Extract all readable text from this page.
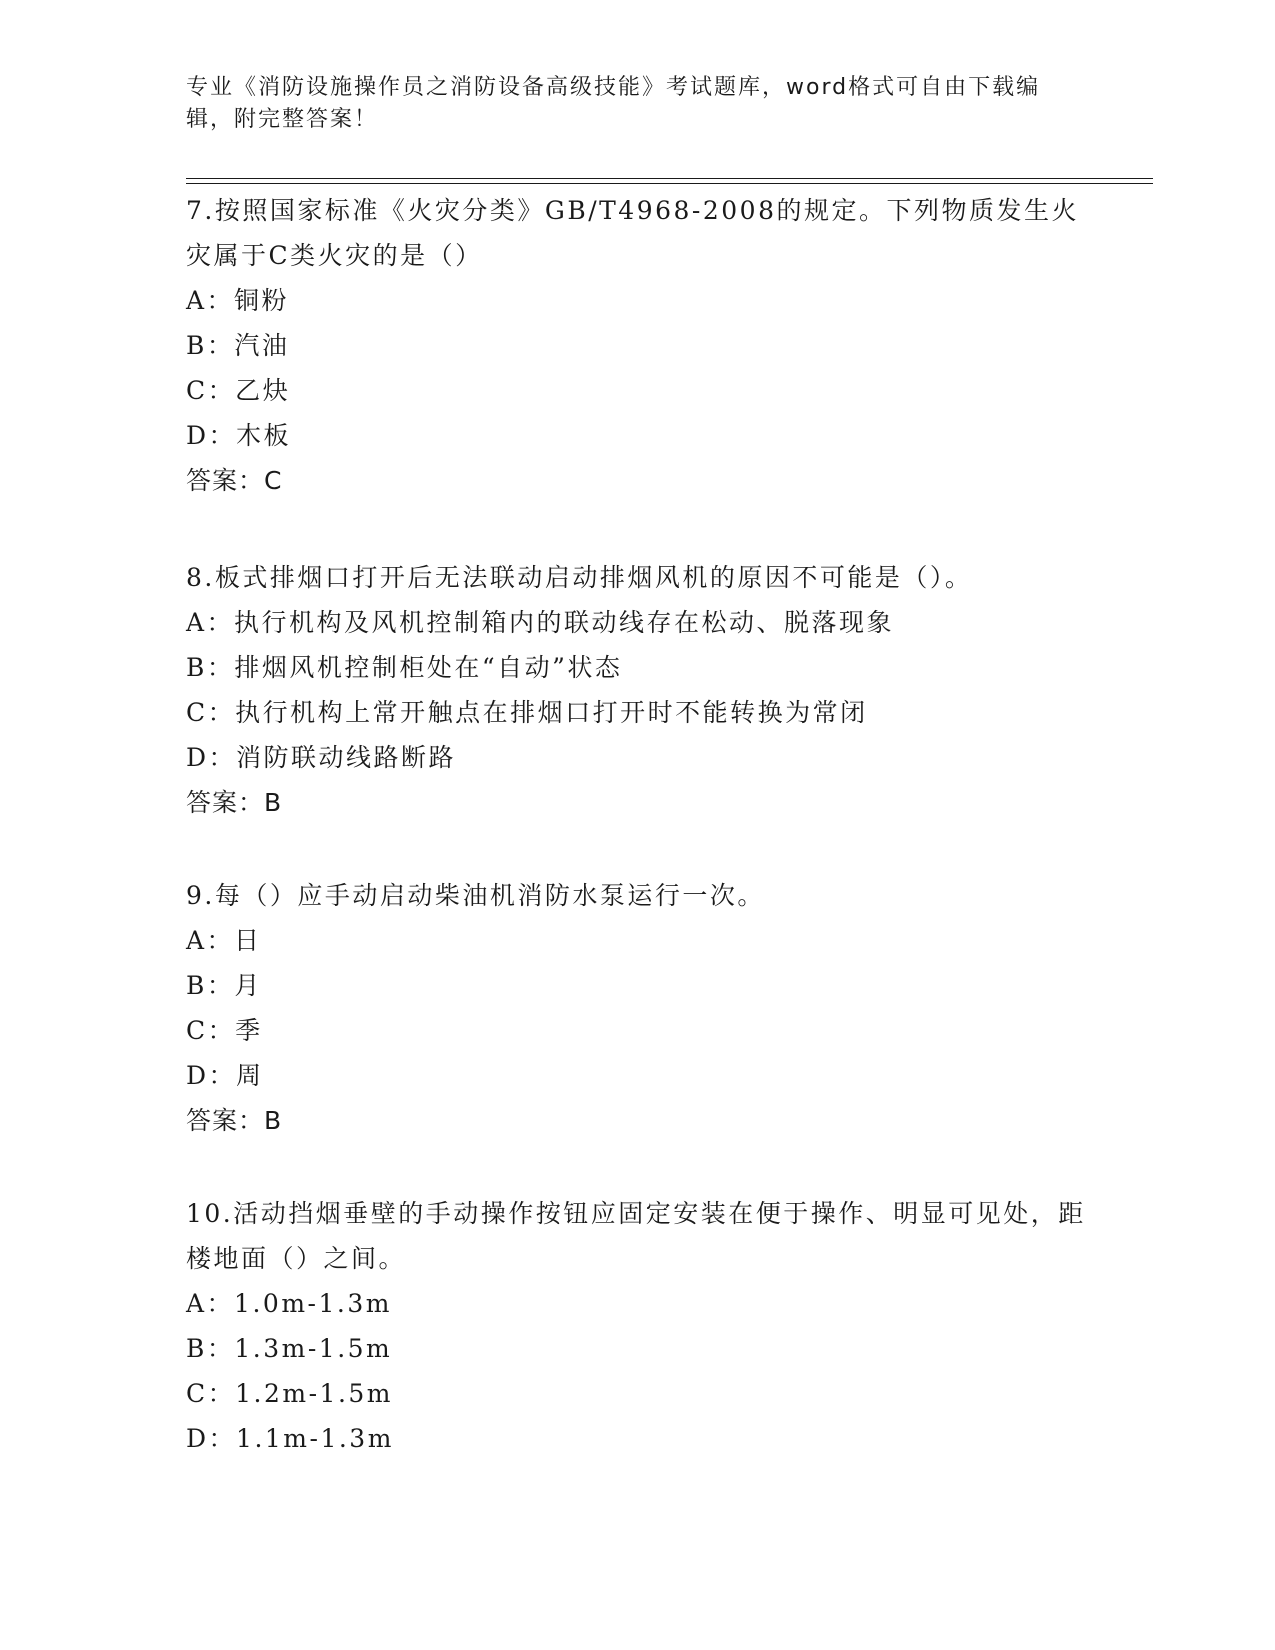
专业《消防设施操作员之消防设备高级技能》考试题库，word格式可自由下载编辑，附完整答案！
7.按照国家标准《火灾分类》GB/T4968-2008的规定。下列物质发生火灾属于C类火灾的是（）
A：铜粉
B：汽油
C：乙炔
D：木板
答案：C
8.板式排烟口打开后无法联动启动排烟风机的原因不可能是（）。
A：执行机构及风机控制箱内的联动线存在松动、脱落现象
B：排烟风机控制柜处在“自动”状态
C：执行机构上常开触点在排烟口打开时不能转换为常闭
D：消防联动线路断路
答案：B
9.每（）应手动启动柴油机消防水泵运行一次。
A：日
B：月
C：季
D：周
答案：B
10.活动挡烟垂壁的手动操作按钮应固定安装在便于操作、明显可见处，距楼地面（）之间。
A：1.0m-1.3m
B：1.3m-1.5m
C：1.2m-1.5m
D：1.1m-1.3m
